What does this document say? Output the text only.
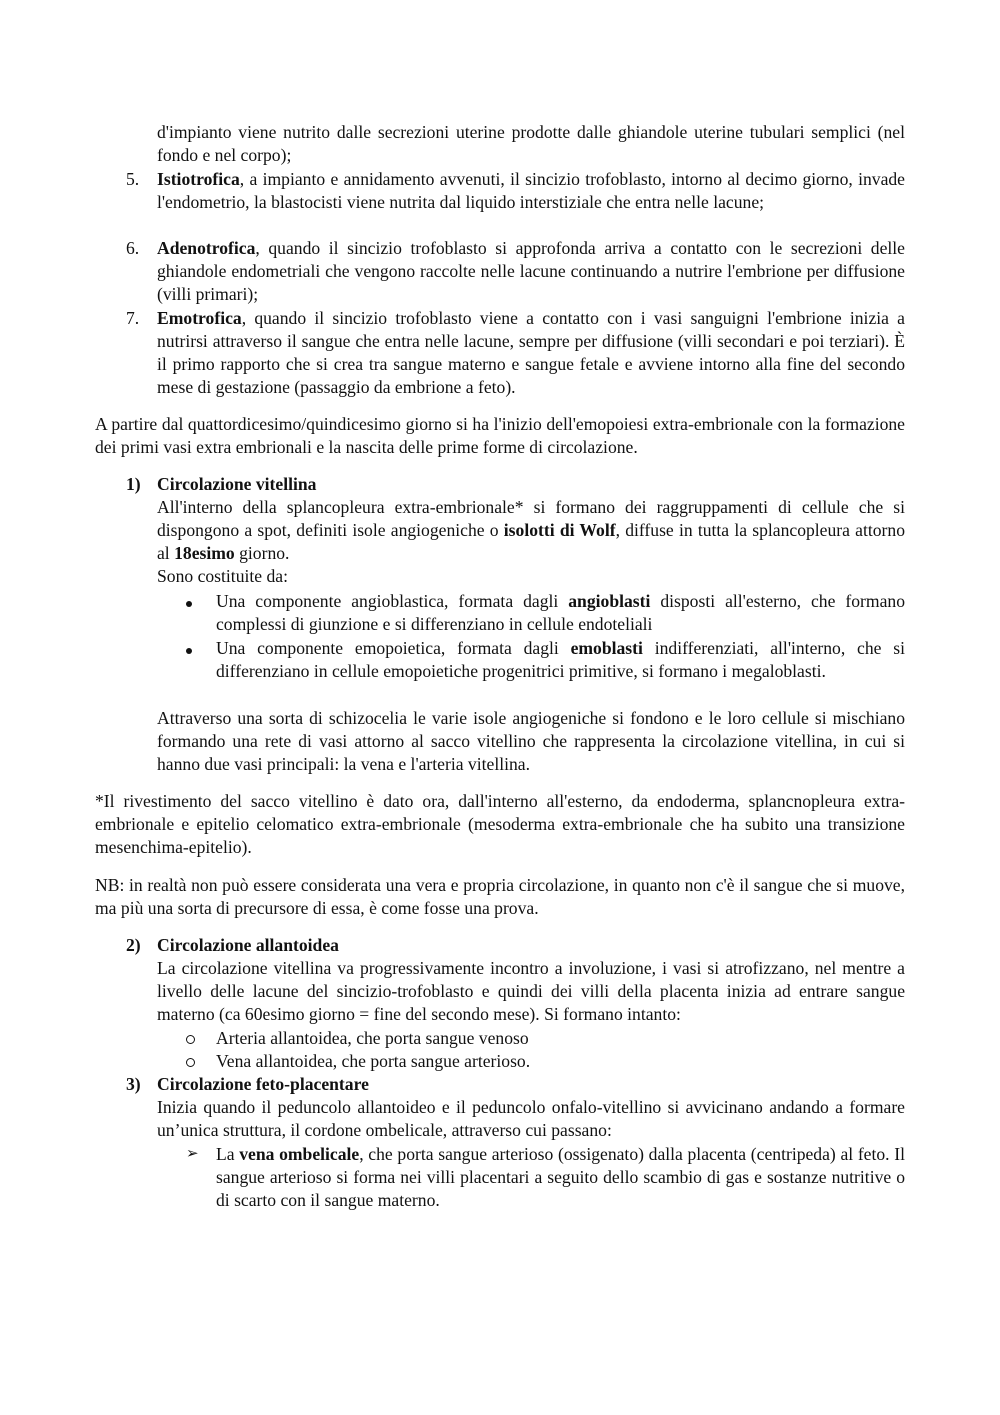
d'impianto viene nutrito dalle secrezioni uterine prodotte dalle ghiandole uterine tubulari semplici (nel fondo e nel corpo);

5. Istiotrofica, a impianto e annidamento avvenuti, il sincizio trofoblasto, intorno al decimo giorno, invade l'endometrio, la blastocisti viene nutrita dal liquido interstiziale che entra nelle lacune;

6. Adenotrofica, quando il sincizio trofoblasto si approfonda arriva a contatto con le secrezioni delle ghiandole endometriali che vengono raccolte nelle lacune continuando a nutrire l'embrione per diffusione (villi primari);

7. Emotrofica, quando il sincizio trofoblasto viene a contatto con i vasi sanguigni l'embrione inizia a nutrirsi attraverso il sangue che entra nelle lacune, sempre per diffusione (villi secondari e poi terziari). È il primo rapporto che si crea tra sangue materno e sangue fetale e avviene intorno alla fine del secondo mese di gestazione (passaggio da embrione a feto).

A partire dal quattordicesimo/quindicesimo giorno si ha l'inizio dell'emopoiesi extra-embrionale con la formazione dei primi vasi extra embrionali e la nascita delle prime forme di circolazione.

1) Circolazione vitellina

All'interno della splancopleura extra-embrionale* si formano dei raggruppamenti di cellule che si dispongono a spot, definiti isole angiogeniche o isolotti di Wolf, diffuse in tutta la splancopleura attorno al 18esimo giorno.

Sono costituite da:

Una componente angioblastica, formata dagli angioblasti disposti all'esterno, che formano complessi di giunzione e si differenziano in cellule endoteliali

Una componente emopoietica, formata dagli emoblasti indifferenziati, all'interno, che si differenziano in cellule emopoietiche progenitrici primitive, si formano i megaloblasti.

Attraverso una sorta di schizocelia le varie isole angiogeniche si fondono e le loro cellule si mischiano formando una rete di vasi attorno al sacco vitellino che rappresenta la circolazione vitellina, in cui si hanno due vasi principali: la vena e l'arteria vitellina.

*Il rivestimento del sacco vitellino è dato ora, dall'interno all'esterno, da endoderma, splancnopleura extra-embrionale e epitelio celomatico extra-embrionale (mesoderma extra-embrionale che ha subito una transizione mesenchima-epitelio).

NB: in realtà non può essere considerata una vera e propria circolazione, in quanto non c'è il sangue che si muove, ma più una sorta di precursore di essa, è come fosse una prova.

2) Circolazione allantoidea

La circolazione vitellina va progressivamente incontro a involuzione, i vasi si atrofizzano, nel mentre a livello delle lacune del sincizio-trofoblasto e quindi dei villi della placenta inizia ad entrare sangue materno (ca 60esimo giorno = fine del secondo mese). Si formano intanto:

Arteria allantoidea, che porta sangue venoso

Vena allantoidea, che porta sangue arterioso.

3) Circolazione feto-placentare

Inizia quando il peduncolo allantoideo e il peduncolo onfalo-vitellino si avvicinano andando a formare un’unica struttura, il cordone ombelicale, attraverso cui passano:

➢ La vena ombelicale, che porta sangue arterioso (ossigenato) dalla placenta (centripeda) al feto. Il sangue arterioso si forma nei villi placentari a seguito dello scambio di gas e sostanze nutritive o di scarto con il sangue materno.
